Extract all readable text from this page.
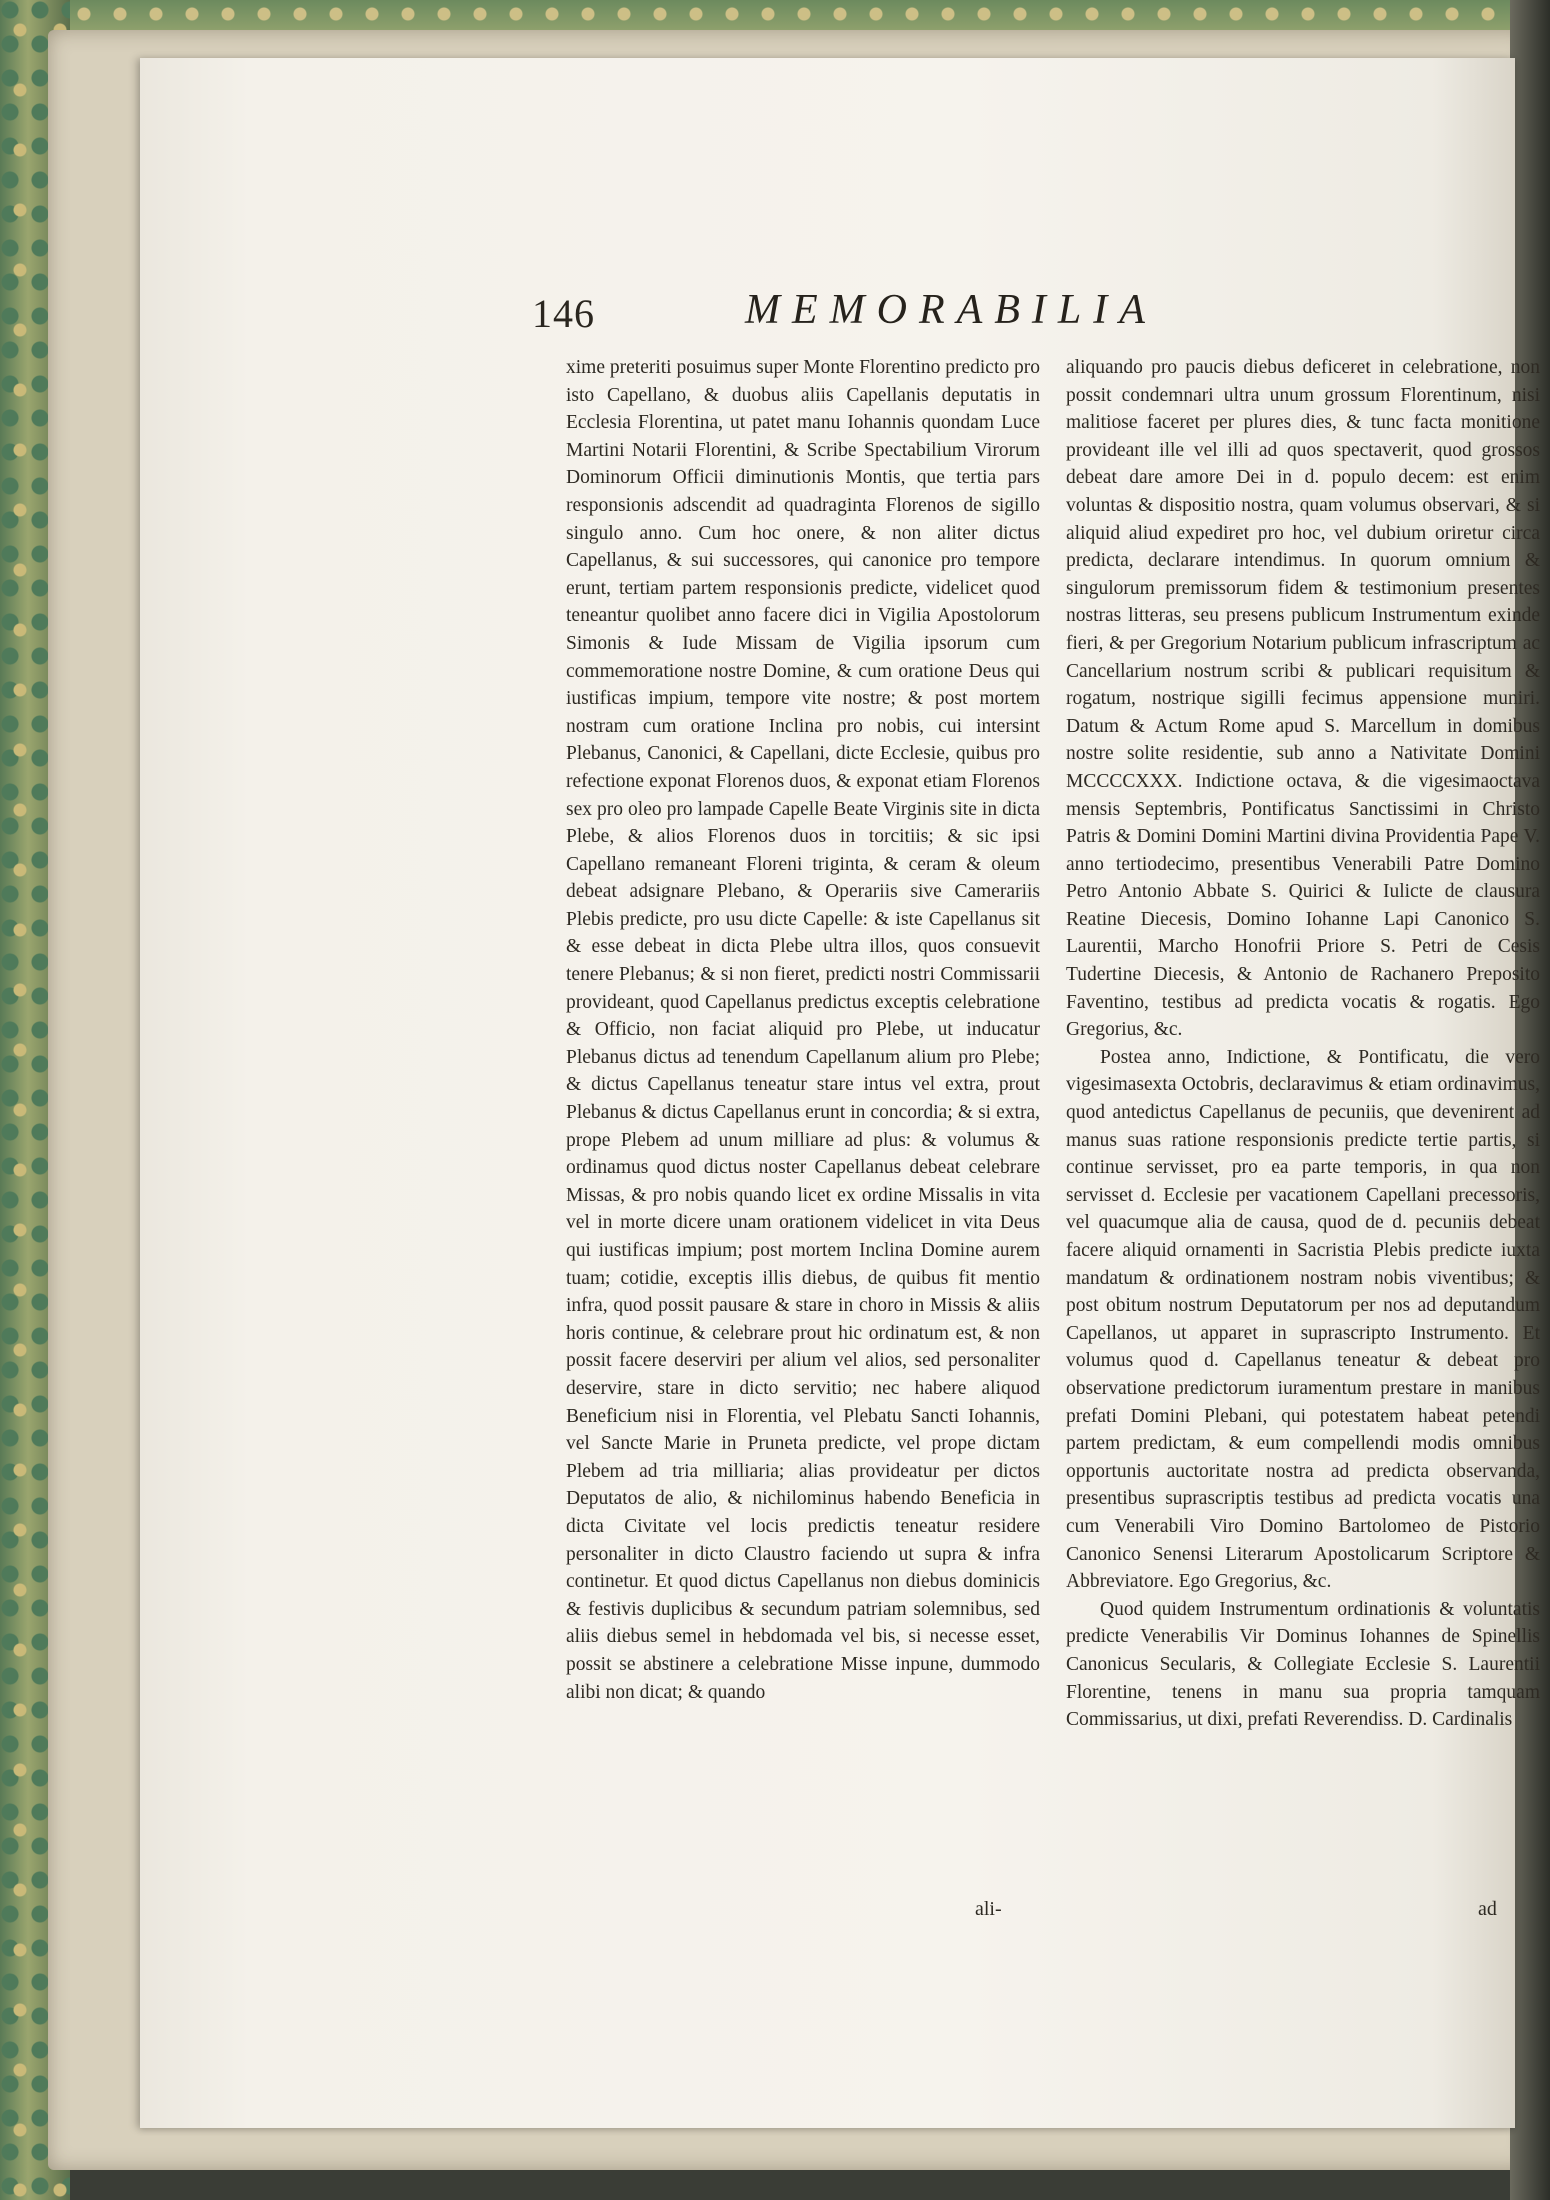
146	MEMORABILIA

xime preteriti posuimus super Monte Florentino predicto pro isto Capellano, & duobus aliis Capellanis deputatis in Ecclesia Florentina, ut patet manu Iohannis quondam Luce Martini Notarii Florentini, & Scribe Spectabilium Virorum Dominorum Officii diminutionis Montis, que tertia pars responsionis adscendit ad quadraginta Florenos de sigillo singulo anno. Cum hoc onere, & non aliter dictus Capellanus, & sui successores, qui canonice pro tempore erunt, tertiam partem responsionis predicte, videlicet quod teneantur quolibet anno facere dici in Vigilia Apostolorum Simonis & Iude Missam de Vigilia ipsorum cum commemoratione nostre Domine, & cum oratione Deus qui iustificas impium, tempore vite nostre; & post mortem nostram cum oratione Inclina pro nobis, cui intersint Plebanus, Canonici, & Capellani, dicte Ecclesie, quibus pro refectione exponat Florenos duos, & exponat etiam Florenos sex pro oleo pro lampade Capelle Beate Virginis site in dicta Plebe, & alios Florenos duos in torcitiis; & sic ipsi Capellano remaneant Floreni triginta, & ceram & oleum debeat adsignare Plebano, & Operariis sive Camerariis Plebis predicte, pro usu dicte Capelle: & iste Capellanus sit & esse debeat in dicta Plebe ultra illos, quos consuevit tenere Plebanus; & si non fieret, predicti nostri Commissarii provideant, quod Capellanus predictus exceptis celebratione & Officio, non faciat aliquid pro Plebe, ut inducatur Plebanus dictus ad tenendum Capellanum alium pro Plebe; & dictus Capellanus teneatur stare intus vel extra, prout Plebanus & dictus Capellanus erunt in concordia; & si extra, prope Plebem ad unum milliare ad plus: & volumus & ordinamus quod dictus noster Capellanus debeat celebrare Missas, & pro nobis quando licet ex ordine Missalis in vita vel in morte dicere unam orationem videlicet in vita Deus qui iustificas impium; post mortem Inclina Domine aurem tuam; cotidie, exceptis illis diebus, de quibus fit mentio infra, quod possit pausare & stare in choro in Missis & aliis horis continue, & celebrare prout hic ordinatum est, & non possit facere deserviri per alium vel alios, sed personaliter deservire, stare in dicto servitio; nec habere aliquod Beneficium nisi in Florentia, vel Plebatu Sancti Iohannis, vel Sancte Marie in Pruneta predicte, vel prope dictam Plebem ad tria milliaria; alias provideatur per dictos Deputatos de alio, & nichilominus habendo Beneficia in dicta Civitate vel locis predictis teneatur residere personaliter in dicto Claustro faciendo ut supra & infra continetur. Et quod dictus Capellanus non diebus dominicis & festivis duplicibus & secundum patriam solemnibus, sed aliis diebus semel in hebdomada vel bis, si necesse esset, possit se abstinere a celebratione Misse inpune, dummodo alibi non dicat; & quando

ali-

aliquando pro paucis diebus deficeret in celebratione, non possit condemnari ultra unum grossum Florentinum, nisi malitiose faceret per plures dies, & tunc facta monitione provideant ille vel illi ad quos spectaverit, quod grossos debeat dare amore Dei in d. populo decem: est enim voluntas & dispositio nostra, quam volumus observari, & si aliquid aliud expediret pro hoc, vel dubium oriretur circa predicta, declarare intendimus. In quorum omnium & singulorum premissorum fidem & testimonium presentes nostras litteras, seu presens publicum Instrumentum exinde fieri, & per Gregorium Notarium publicum infrascriptum ac Cancellarium nostrum scribi & publicari requisitum & rogatum, nostrique sigilli fecimus appensione muniri. Datum & Actum Rome apud S. Marcellum in domibus nostre solite residentie, sub anno a Nativitate Domini MCCCCXXX. Indictione octava, & die vigesimaoctava mensis Septembris, Pontificatus Sanctissimi in Christo Patris & Domini Domini Martini divina Providentia Pape V. anno tertiodecimo, presentibus Venerabili Patre Domino Petro Antonio Abbate S. Quirici & Iulicte de clausura Reatine Diecesis, Domino Iohanne Lapi Canonico S. Laurentii, Marcho Honofrii Priore S. Petri de Cesis Tudertine Diecesis, & Antonio de Rachanero Preposito Faventino, testibus ad predicta vocatis & rogatis. Ego Gregorius, &c.

Postea anno, Indictione, & Pontificatu, die vero vigesimasexta Octobris, declaravimus & etiam ordinavimus, quod antedictus Capellanus de pecuniis, que devenirent ad manus suas ratione responsionis predicte tertie partis, si continue servisset, pro ea parte temporis, in qua non servisset d. Ecclesie per vacationem Capellani precessoris, vel quacumque alia de causa, quod de d. pecuniis debeat facere aliquid ornamenti in Sacristia Plebis predicte iuxta mandatum & ordinationem nostram nobis viventibus; & post obitum nostrum Deputatorum per nos ad deputandum Capellanos, ut apparet in suprascripto Instrumento. Et volumus quod d. Capellanus teneatur & debeat pro observatione predictorum iuramentum prestare in manibus prefati Domini Plebani, qui potestatem habeat petendi partem predictam, & eum compellendi modis omnibus opportunis auctoritate nostra ad predicta observanda, presentibus suprascriptis testibus ad predicta vocatis una cum Venerabili Viro Domino Bartolomeo de Pistorio Canonico Senensi Literarum Apostolicarum Scriptore & Abbreviatore. Ego Gregorius, &c.

Quod quidem Instrumentum ordinationis & voluntatis predicte Venerabilis Vir Dominus Iohannes de Spinellis Canonicus Secularis, & Collegiate Ecclesie S. Laurentii Florentine, tenens in manu sua propria tamquam Commissarius, ut dixi, prefati Reverendiss. D. Cardinalis

ad
